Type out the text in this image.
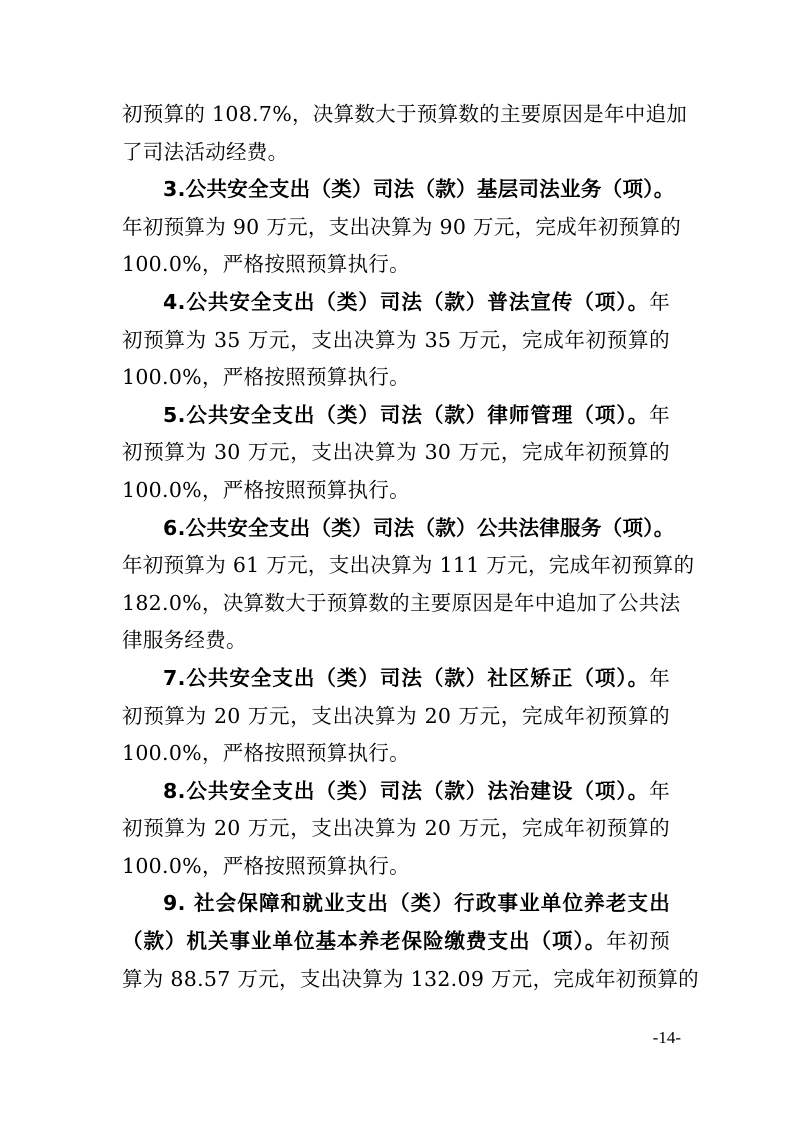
初预算的 108.7%，决算数大于预算数的主要原因是年中追加
了司法活动经费。
3.公共安全支出（类）司法（款）基层司法业务（项）。
年初预算为 90 万元，支出决算为 90 万元，完成年初预算的
100.0%，严格按照预算执行。
4.公共安全支出（类）司法（款）普法宣传（项）。年
初预算为 35 万元，支出决算为 35 万元，完成年初预算的
100.0%，严格按照预算执行。
5.公共安全支出（类）司法（款）律师管理（项）。年
初预算为 30 万元，支出决算为 30 万元，完成年初预算的
100.0%，严格按照预算执行。
6.公共安全支出（类）司法（款）公共法律服务（项）。
年初预算为 61 万元，支出决算为 111 万元，完成年初预算的
182.0%，决算数大于预算数的主要原因是年中追加了公共法
律服务经费。
7.公共安全支出（类）司法（款）社区矫正（项）。年
初预算为 20 万元，支出决算为 20 万元，完成年初预算的
100.0%，严格按照预算执行。
8.公共安全支出（类）司法（款）法治建设（项）。年
初预算为 20 万元，支出决算为 20 万元，完成年初预算的
100.0%，严格按照预算执行。
9. 社会保障和就业支出（类）行政事业单位养老支出
（款）机关事业单位基本养老保险缴费支出（项）。年初预
算为 88.57 万元，支出决算为 132.09 万元，完成年初预算的
-14-
